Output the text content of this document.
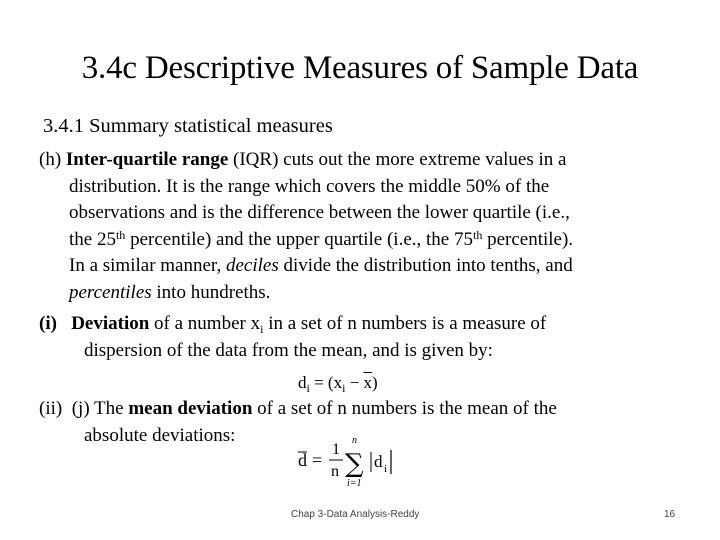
3.4c Descriptive Measures of Sample Data
3.4.1 Summary statistical measures
(h) Inter-quartile range (IQR) cuts out the more extreme values in a
distribution. It is the range which covers the middle 50% of the
observations and is the difference between the lower quartile (i.e.,
the 25th percentile) and the upper quartile (i.e., the 75th percentile).
In a similar manner, deciles divide the distribution into tenths, and
percentiles into hundreths.
(i) Deviation of a number $x_i$ in a set of n numbers is a measure of
dispersion of the data from the mean, and is given by:
$d_i = (x_i - \overline{x})$
(ii) (j) The mean deviation of a set of n numbers is the mean of the
absolute deviations:
d =
1
n
n
∑
i=1
d i
Chap 3-Data Analysis-Reddy	16
